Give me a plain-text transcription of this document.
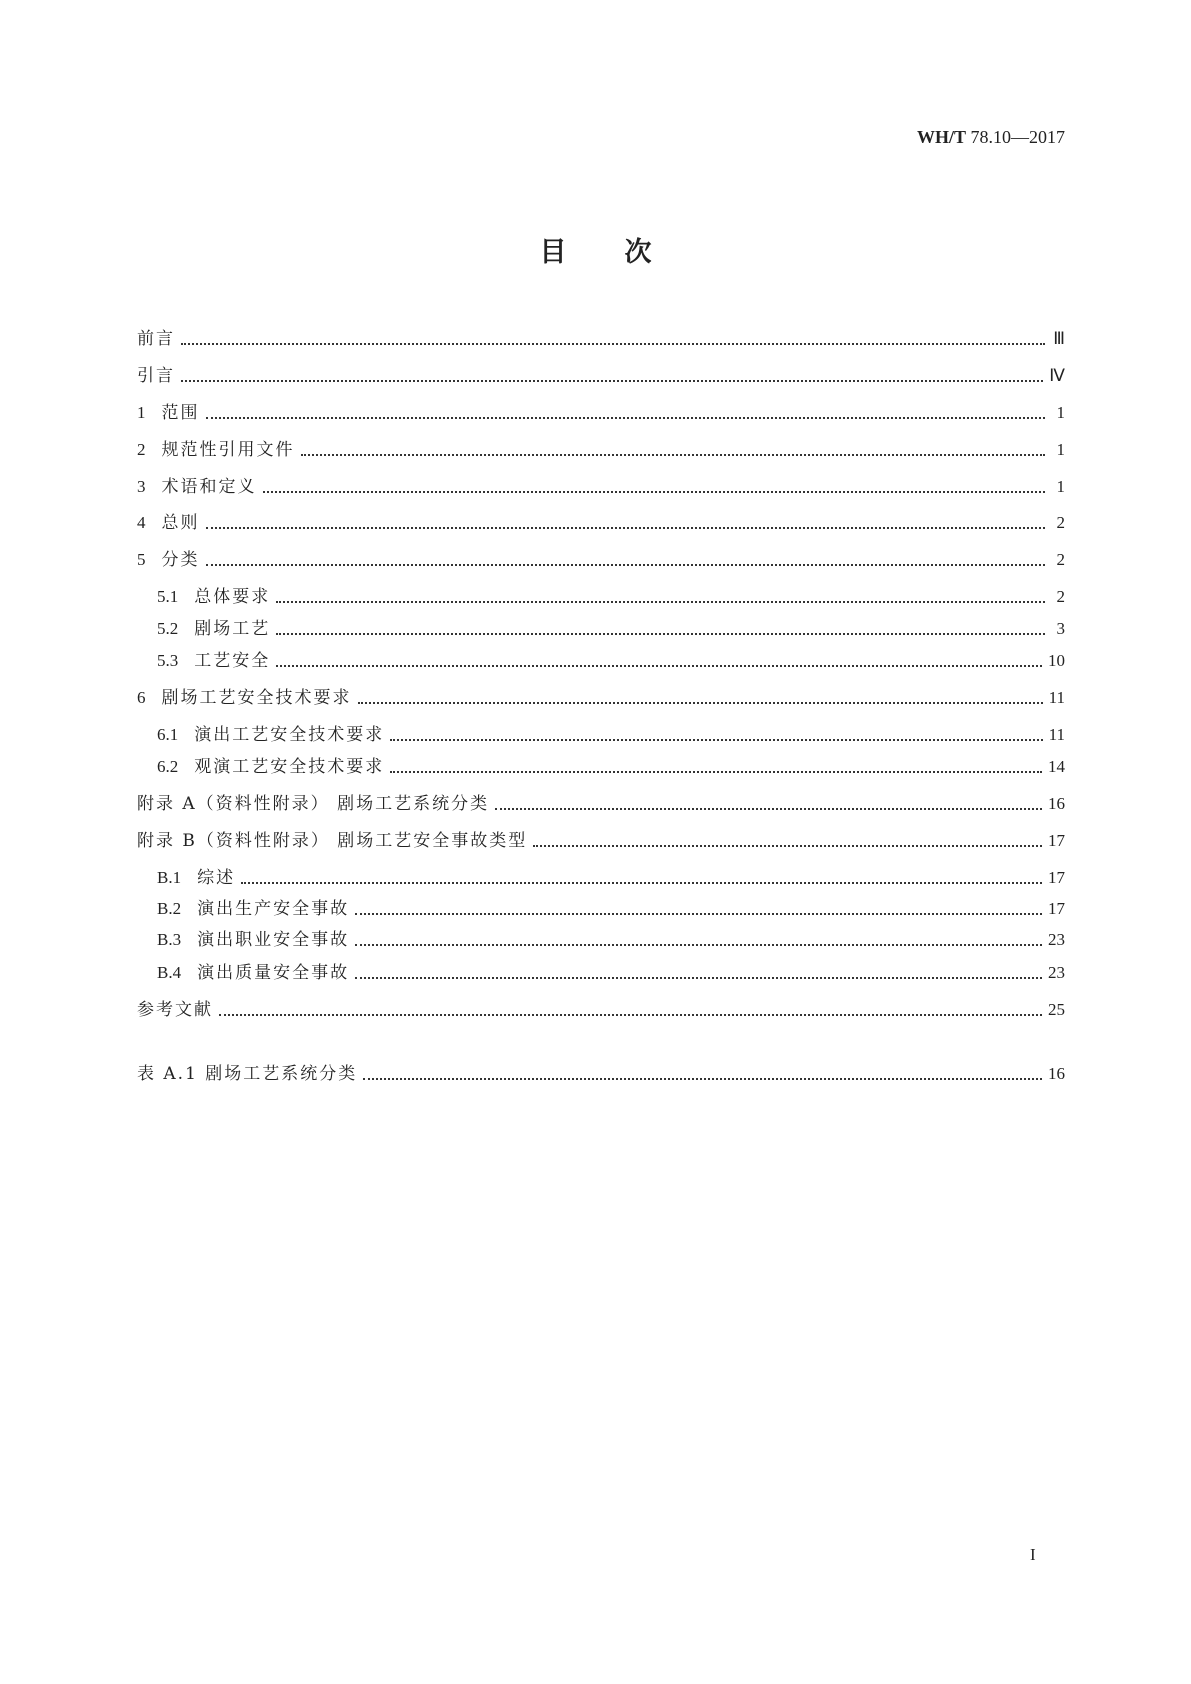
WH/T 78.10—2017
目次
前言	Ⅲ
引言	Ⅳ
1 范围	1
2 规范性引用文件	1
3 术语和定义	1
4 总则	2
5 分类	2
5.1 总体要求	2
5.2 剧场工艺	3
5.3 工艺安全	10
6 剧场工艺安全技术要求	11
6.1 演出工艺安全技术要求	11
6.2 观演工艺安全技术要求	14
附录 A（资料性附录） 剧场工艺系统分类	16
附录 B（资料性附录） 剧场工艺安全事故类型	17
B.1 综述	17
B.2 演出生产安全事故	17
B.3 演出职业安全事故	23
B.4 演出质量安全事故	23
参考文献	25
表 A.1 剧场工艺系统分类	16
I
